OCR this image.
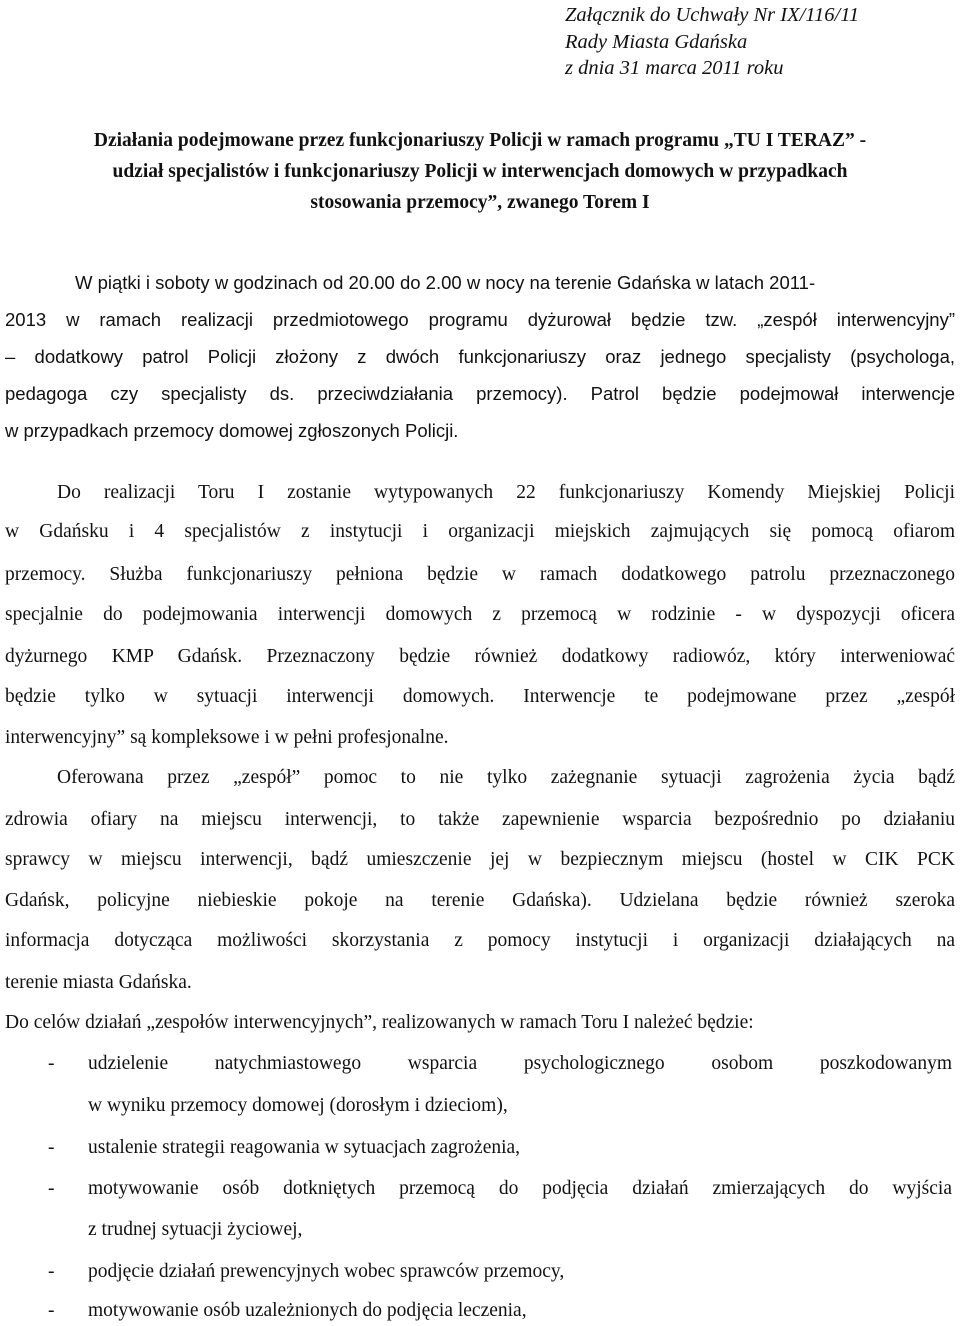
Załącznik do Uchwały Nr IX/116/11
Rady Miasta Gdańska
z dnia 31 marca 2011 roku
Działania podejmowane przez funkcjonariuszy Policji w ramach programu „TU I TERAZ” -
udział specjalistów i funkcjonariuszy Policji w interwencjach domowych w przypadkach
stosowania przemocy”, zwanego Torem I
W piątki i soboty w godzinach od 20.00 do 2.00 w nocy na terenie Gdańska w latach 2011-
2013 w ramach realizacji przedmiotowego programu dyżurował będzie tzw. „zespół interwencyjny”
– dodatkowy patrol Policji złożony z dwóch funkcjonariuszy oraz jednego specjalisty (psychologa,
pedagoga czy specjalisty ds. przeciwdziałania przemocy). Patrol będzie podejmował interwencje
w przypadkach przemocy domowej zgłoszonych Policji.
Do realizacji Toru I zostanie wytypowanych 22 funkcjonariuszy Komendy Miejskiej Policji
w Gdańsku i 4 specjalistów z instytucji i organizacji miejskich zajmujących się pomocą ofiarom
przemocy. Służba funkcjonariuszy pełniona będzie w ramach dodatkowego patrolu przeznaczonego
specjalnie do podejmowania interwencji domowych z przemocą w rodzinie - w dyspozycji oficera
dyżurnego KMP Gdańsk. Przeznaczony będzie również dodatkowy radiowóz, który interweniować
będzie tylko w sytuacji interwencji domowych. Interwencje te podejmowane przez „zespół
interwencyjny” są kompleksowe i w pełni profesjonalne.
Oferowana przez „zespół” pomoc to nie tylko zażegnanie sytuacji zagrożenia życia bądź
zdrowia ofiary na miejscu interwencji, to także zapewnienie wsparcia bezpośrednio po działaniu
sprawcy w miejscu interwencji, bądź umieszczenie jej w bezpiecznym miejscu (hostel w CIK PCK
Gdańsk, policyjne niebieskie pokoje na terenie Gdańska). Udzielana będzie również szeroka
informacja dotycząca możliwości skorzystania z pomocy instytucji i organizacji działających na
terenie miasta Gdańska.
Do celów działań „zespołów interwencyjnych”, realizowanych w ramach Toru I należeć będzie:
- udzielenie natychmiastowego wsparcia psychologicznego osobom poszkodowanym
w wyniku przemocy domowej (dorosłym i dzieciom),
- ustalenie strategii reagowania w sytuacjach zagrożenia,
- motywowanie osób dotkniętych przemocą do podjęcia działań zmierzających do wyjścia
z trudnej sytuacji życiowej,
- podjęcie działań prewencyjnych wobec sprawców przemocy,
- motywowanie osób uzależnionych do podjęcia leczenia,
